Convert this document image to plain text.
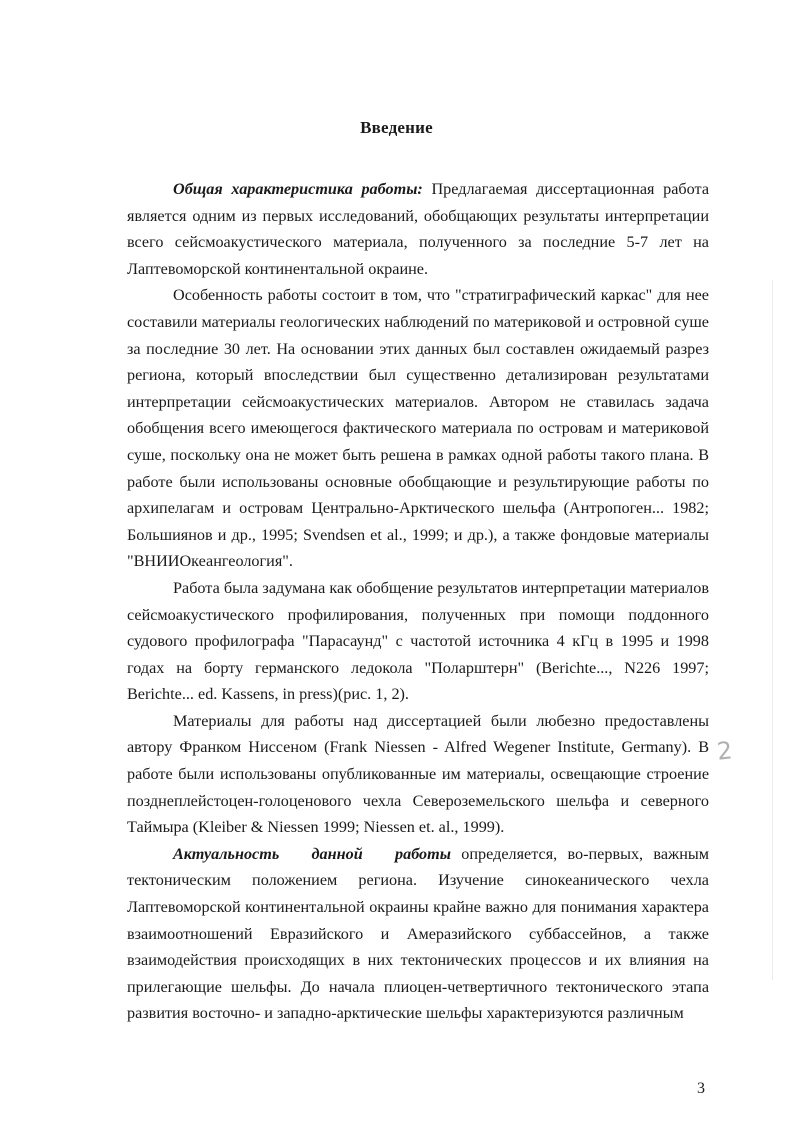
Введение

Общая характеристика работы: Предлагаемая диссертационная работа является одним из первых исследований, обобщающих результаты интерпретации всего сейсмоакустического материала, полученного за последние 5-7 лет на Лаптевоморской континентальной окраине.

Особенность работы состоит в том, что "стратиграфический каркас" для нее составили материалы геологических наблюдений по материковой и островной суше за последние 30 лет. На основании этих данных был составлен ожидаемый разрез региона, который впоследствии был существенно детализирован результатами интерпретации сейсмоакустических материалов. Автором не ставилась задача обобщения всего имеющегося фактического материала по островам и материковой суше, поскольку она не может быть решена в рамках одной работы такого плана. В работе были использованы основные обобщающие и результирующие работы по архипелагам и островам Центрально-Арктического шельфа (Антропоген... 1982; Большиянов и др., 1995; Svendsen et al., 1999; и др.), а также фондовые материалы "ВНИИОкеангеология".

Работа была задумана как обобщение результатов интерпретации материалов сейсмоакустического профилирования, полученных при помощи поддонного судового профилографа "Парасаунд" с частотой источника 4 кГц в 1995 и 1998 годах на борту германского ледокола "Поларштерн" (Berichte..., N226 1997; Berichte... ed. Kassens, in press)(рис. 1, 2).

Материалы для работы над диссертацией были любезно предоставлены автору Франком Ниссеном (Frank Niessen - Alfred Wegener Institute, Germany). В работе были использованы опубликованные им материалы, освещающие строение позднеплейстоцен-голоценового чехла Североземельского шельфа и северного Таймыра (Kleiber & Niessen 1999; Niessen et. al., 1999).

Актуальность данной работы определяется, во-первых, важным тектоническим положением региона. Изучение синокеанического чехла Лаптевоморской континентальной окраины крайне важно для понимания характера взаимоотношений Евразийского и Амеразийского суббассейнов, а также взаимодействия происходящих в них тектонических процессов и их влияния на прилегающие шельфы. До начала плиоцен-четвертичного тектонического этапа развития восточно- и западно-арктические шельфы характеризуются различным

2
3
